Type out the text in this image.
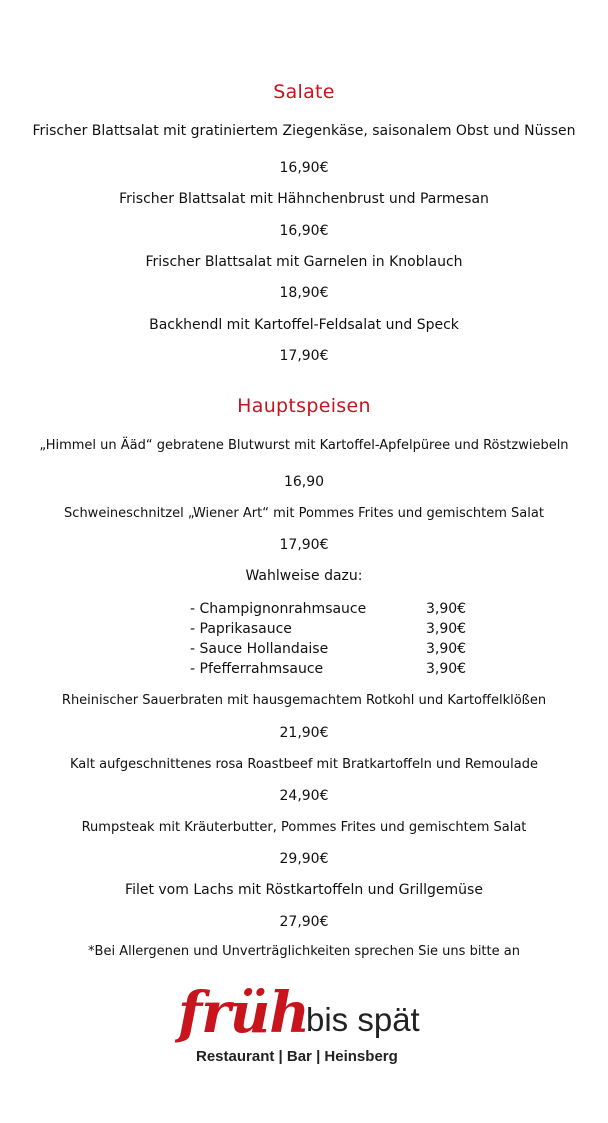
Salate
Frischer Blattsalat mit gratiniertem Ziegenkäse, saisonalem Obst und Nüssen
16,90€
Frischer Blattsalat mit Hähnchenbrust und Parmesan
16,90€
Frischer Blattsalat mit Garnelen in Knoblauch
18,90€
Backhendl mit Kartoffel-Feldsalat und Speck
17,90€
Hauptspeisen
„Himmel un Ääd“ gebratene Blutwurst mit Kartoffel-Apfelpüree und Röstzwiebeln
16,90
Schweineschnitzel „Wiener Art“ mit Pommes Frites und gemischtem Salat
17,90€
Wahlweise dazu:
- Champignonrahmsauce	3,90€
- Paprikasauce	3,90€
- Sauce Hollandaise	3,90€
- Pfefferrahmsauce	3,90€
Rheinischer Sauerbraten mit hausgemachtem Rotkohl und Kartoffelklößen
21,90€
Kalt aufgeschnittenes rosa Roastbeef mit Bratkartoffeln und Remoulade
24,90€
Rumpsteak mit Kräuterbutter, Pommes Frites und gemischtem Salat
29,90€
Filet vom Lachs mit Röstkartoffeln und Grillgemüse
27,90€
*Bei Allergenen und Unverträglichkeiten sprechen Sie uns bitte an
früh
bis spät
Restaurant | Bar | Heinsberg
